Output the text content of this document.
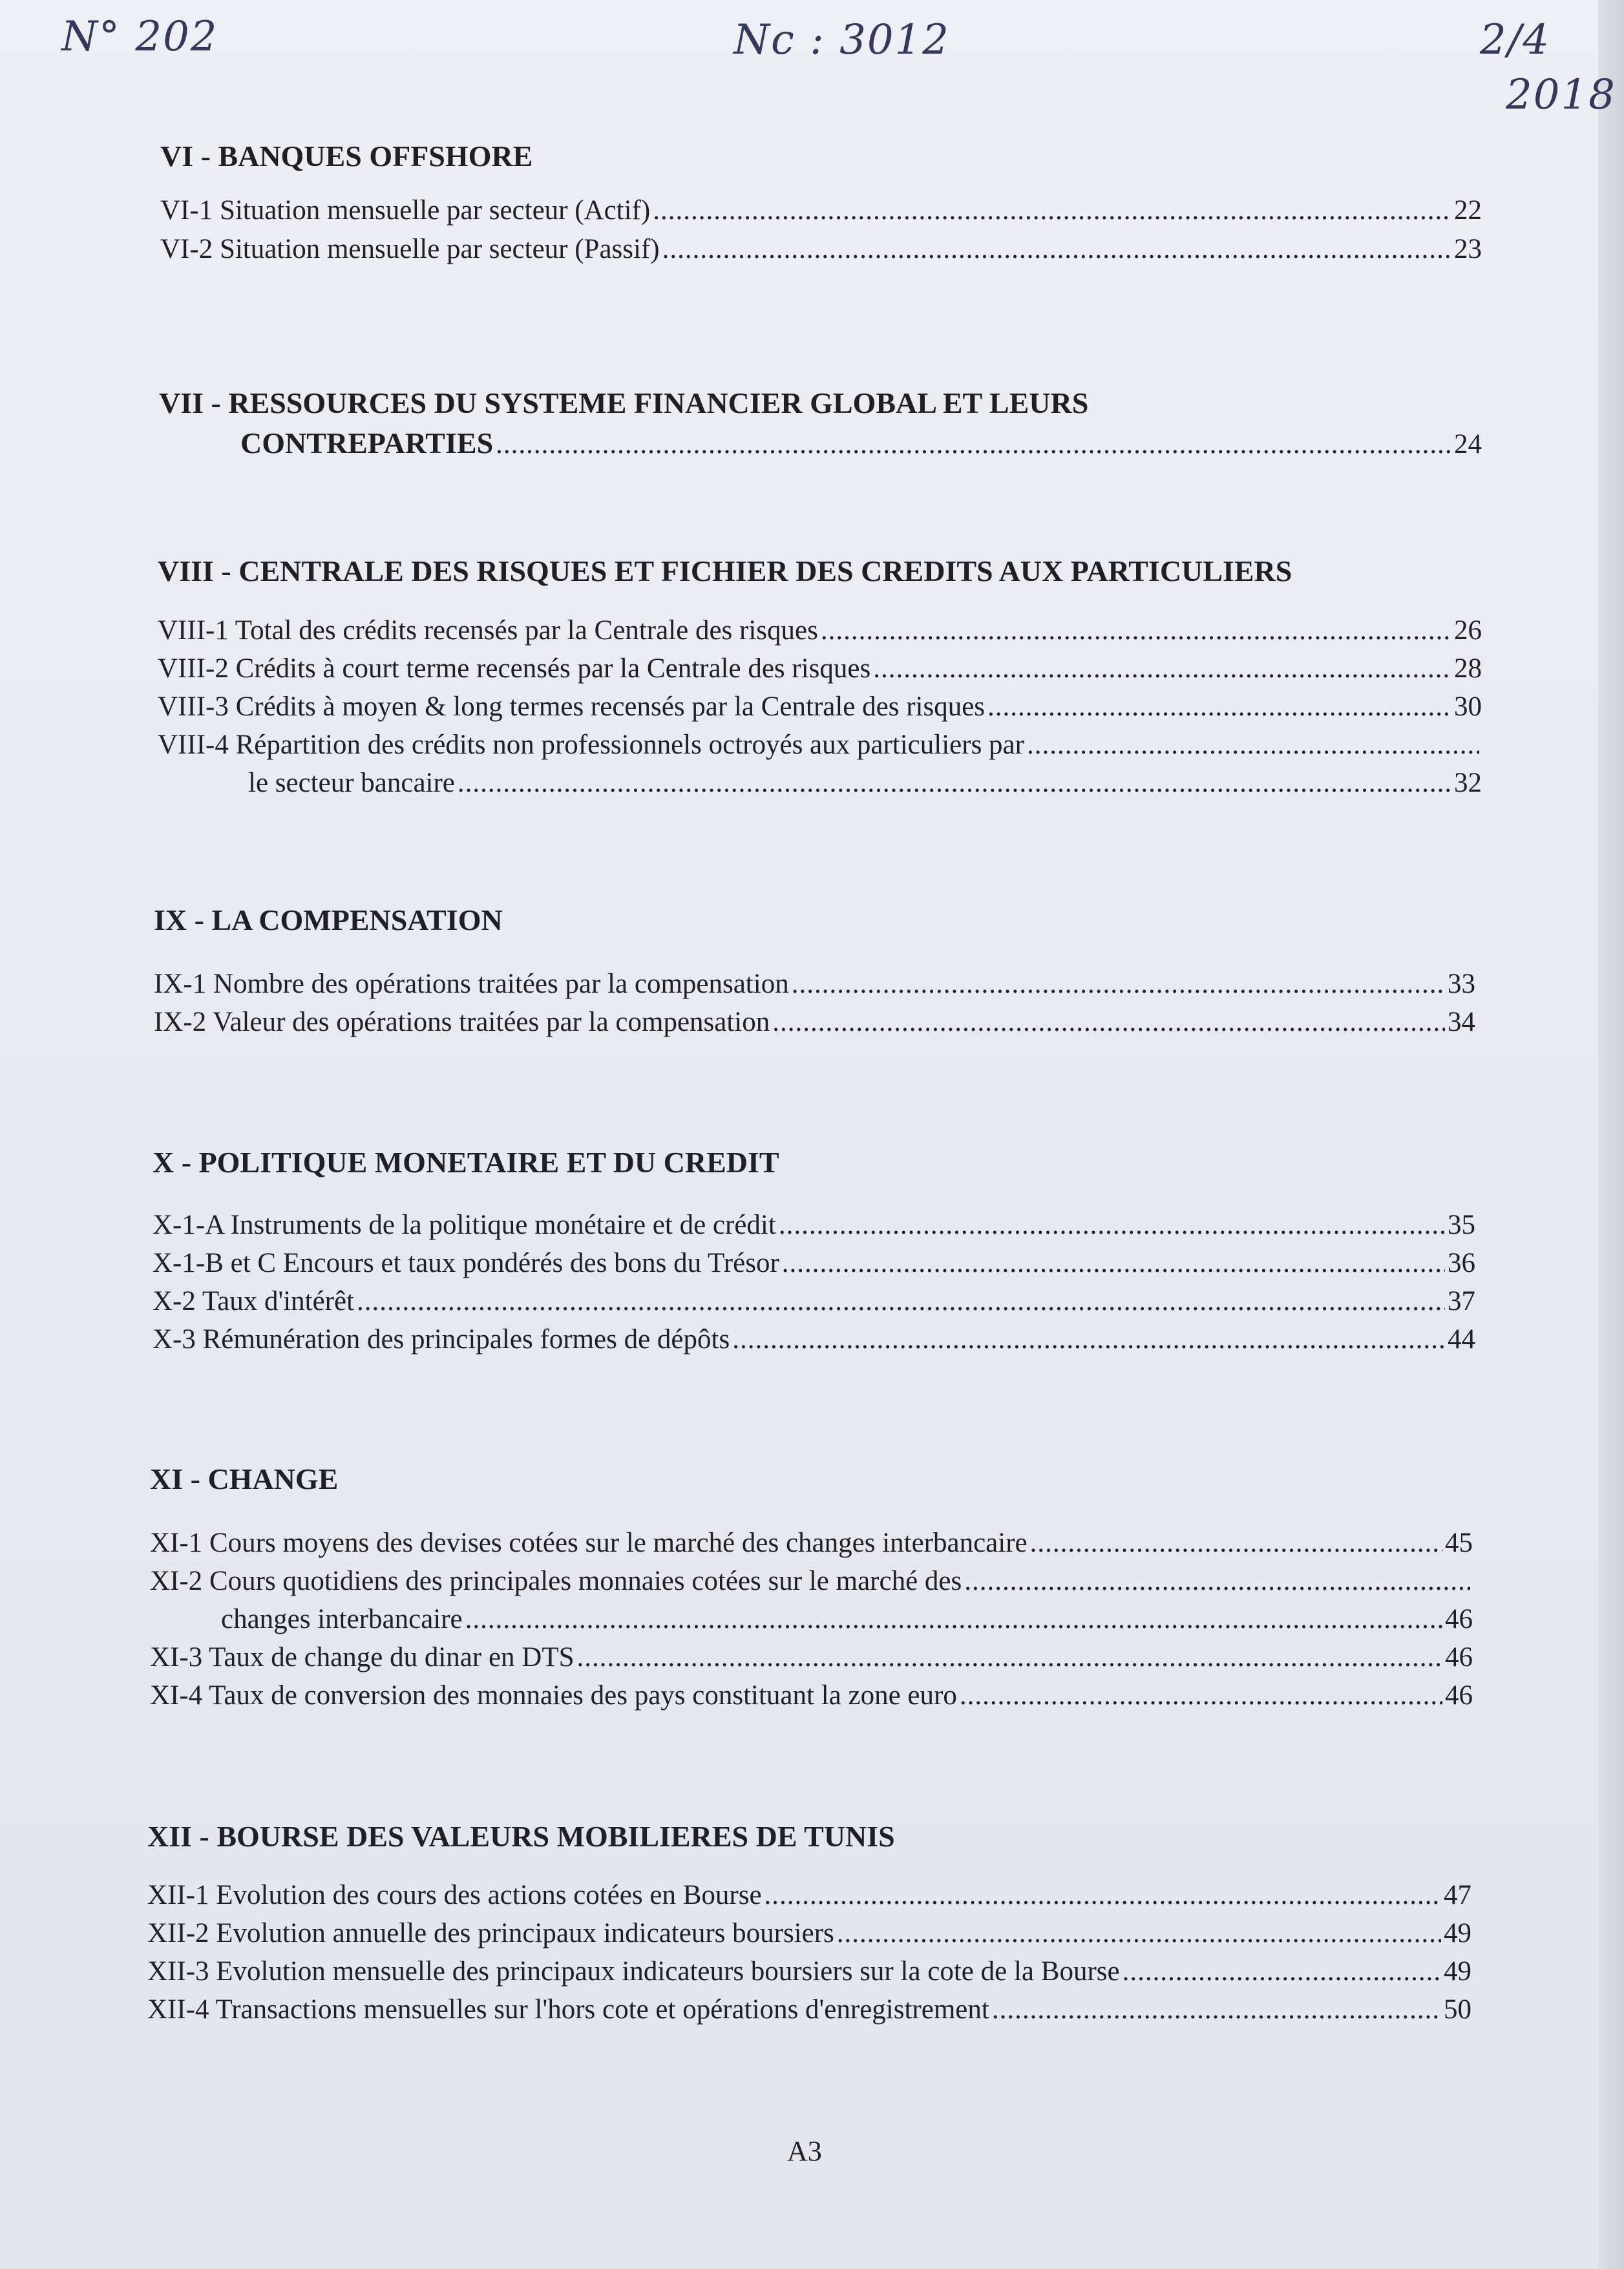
N° 202	Nc : 3012	2/4
2018
VI - BANQUES OFFSHORE
VI-1 Situation mensuelle par secteur (Actif) .....	22
VI-2 Situation mensuelle par secteur (Passif) .....	23
VII - RESSOURCES DU SYSTEME FINANCIER GLOBAL ET LEURS
CONTREPARTIES .....	24
VIII - CENTRALE DES RISQUES ET FICHIER DES CREDITS AUX PARTICULIERS
VIII-1 Total des crédits recensés par la Centrale des risques .....	26
VIII-2 Crédits à court terme recensés par la Centrale des risques .....	28
VIII-3 Crédits à moyen & long termes recensés par la Centrale des risques .....	30
VIII-4 Répartition des crédits non professionnels octroyés aux particuliers par
.....
le secteur bancaire .....	32
IX - LA COMPENSATION
IX-1 Nombre des opérations traitées par la compensation .....	33
IX-2 Valeur des opérations traitées par la compensation .....	34
X - POLITIQUE MONETAIRE ET DU CREDIT
X-1-A Instruments de la politique monétaire et de crédit .....	35
X-1-B et C Encours et taux pondérés des bons du Trésor .....	36
X-2 Taux d'intérêt .....	37
X-3 Rémunération des principales formes de dépôts .....	44
XI - CHANGE
XI-1 Cours moyens des devises cotées sur le marché des changes interbancaire .....	45
XI-2 Cours quotidiens des principales monnaies cotées sur le marché des
.....
changes interbancaire .....	46
XI-3 Taux de change du dinar en DTS .....	46
XI-4 Taux de conversion des monnaies des pays constituant la zone euro .....	46
XII - BOURSE DES VALEURS MOBILIERES DE TUNIS
XII-1 Evolution des cours des actions cotées en Bourse .....	47
XII-2 Evolution annuelle des principaux indicateurs boursiers .....	49
XII-3 Evolution mensuelle des principaux indicateurs boursiers sur la cote de la Bourse .....	49
XII-4 Transactions mensuelles sur l'hors cote et opérations d'enregistrement .....	50
A3
